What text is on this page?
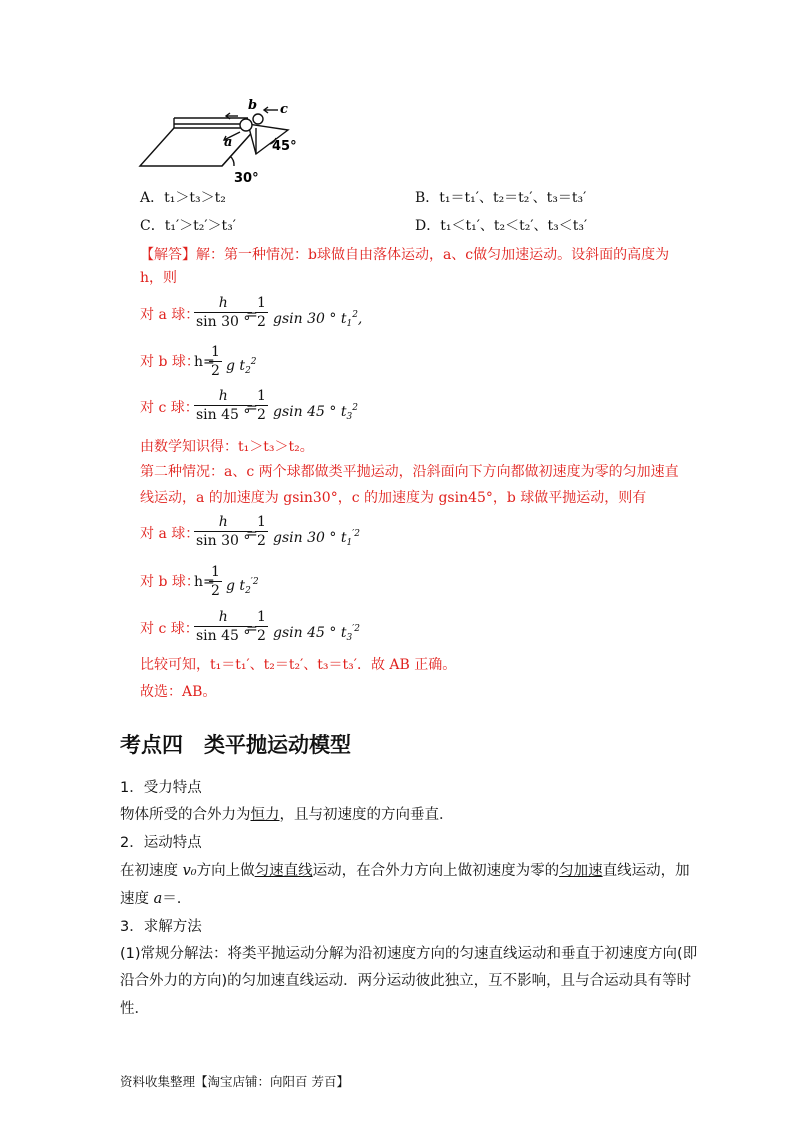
b c
a
30°
45°
A．t₁＞t₃＞t₂	B．t₁＝t₁′、t₂＝t₂′、t₃＝t₃′
C．t₁′＞t₂′＞t₃′	D．t₁＜t₁′、t₂＜t₂′、t₃＜t₃′
【解答】解：第一种情况：b球做自由落体运动，a、c做匀加速运动。设斜面的高度为
h，则
对 a 球：
$\frac{h}{\sin 30 ^\circ}$
=
$\frac{1}{2}$ gsin 30 ° $t_1^2$,
对 b 球：
h=
$\frac{1}{2}$ g $t_2^2$
对 c 球：
$\frac{h}{\sin 45 ^\circ}$
=
$\frac{1}{2}$ gsin 45 ° $t_3^2$
由数学知识得：t₁＞t₃＞t₂。
第二种情况：a、c 两个球都做类平抛运动，沿斜面向下方向都做初速度为零的匀加速直
线运动，a 的加速度为 gsin30°，c 的加速度为 gsin45°，b 球做平抛运动，则有
对 a 球：
$\frac{h}{\sin 30 ^\circ}$
=
$\frac{1}{2}$ gsin 30 ° $t_1^{'2}$
对 b 球：
h=
$\frac{1}{2}$ g $t_2^{'2}$
对 c 球：
$\frac{h}{\sin 45 ^\circ}$
=
$\frac{1}{2}$ gsin 45 ° $t_3^{'2}$
比较可知，t₁＝t₁′、t₂＝t₂′、t₃＝t₃′．故 AB 正确。
故选：AB。
考点四　类平抛运动模型
1．受力特点
物体所受的合外力为恒力，且与初速度的方向垂直．
2．运动特点
在初速度 v₀方向上做匀速直线运动，在合外力方向上做初速度为零的匀加速直线运动，加
速度 a＝.
3．求解方法
(1)常规分解法：将类平抛运动分解为沿初速度方向的匀速直线运动和垂直于初速度方向(即
沿合外力的方向)的匀加速直线运动．两分运动彼此独立，互不影响，且与合运动具有等时
性．
资料收集整理【淘宝店铺：向阳百 芳百】
